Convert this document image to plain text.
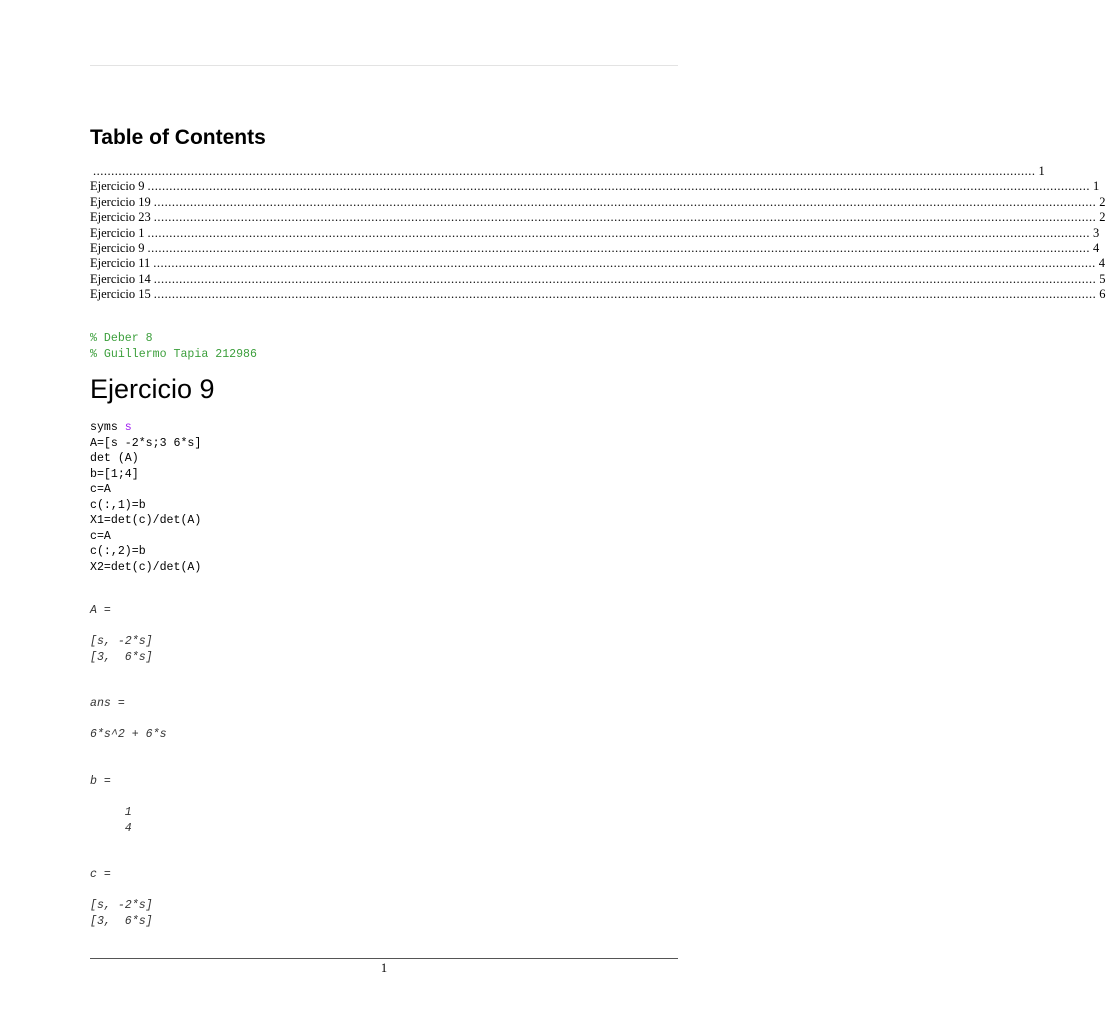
Table of Contents
.................................................................................................................................................................................................................................................................... 1
Ejercicio 9 .................................................................................................................................................................................................................................................................... 1
Ejercicio 19 .................................................................................................................................................................................................................................................................... 2
Ejercicio 23 .................................................................................................................................................................................................................................................................... 2
Ejercicio 1 .................................................................................................................................................................................................................................................................... 3
Ejercicio 9 .................................................................................................................................................................................................................................................................... 4
Ejercicio 11 .................................................................................................................................................................................................................................................................... 4
Ejercicio 14 .................................................................................................................................................................................................................................................................... 5
Ejercicio 15 .................................................................................................................................................................................................................................................................... 6
% Deber 8
% Guillermo Tapia 212986
Ejercicio 9
syms s
A=[s -2*s;3 6*s]
det (A)
b=[1;4]
c=A
c(:,1)=b
X1=det(c)/det(A)
c=A
c(:,2)=b
X2=det(c)/det(A)
A =

[s, -2*s]
[3,  6*s]
ans =

6*s^2 + 6*s
b =

1
4
c =

[s, -2*s]
[3,  6*s]
1
